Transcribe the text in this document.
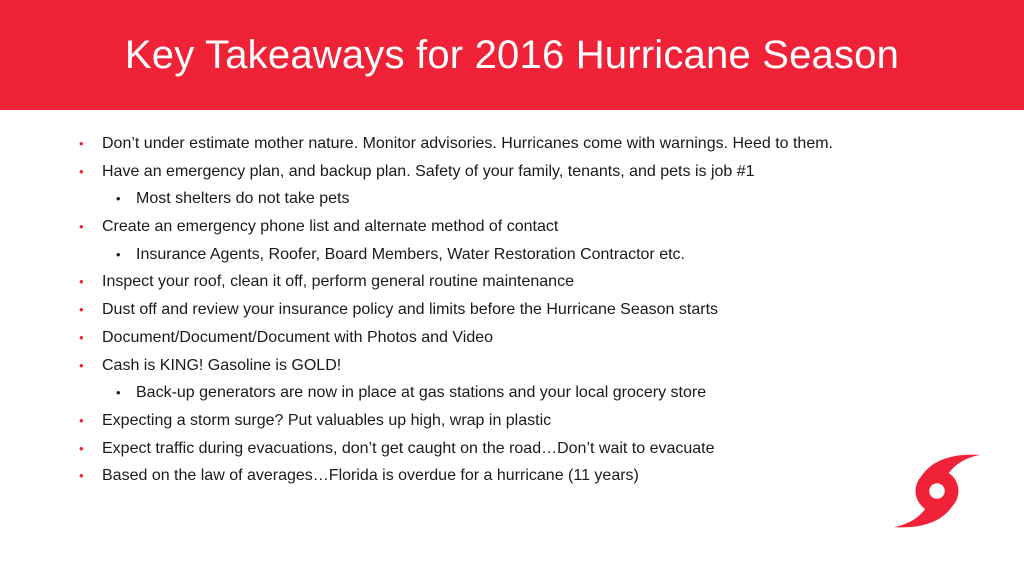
Key Takeaways for 2016 Hurricane Season
• Don’t under estimate mother nature. Monitor advisories. Hurricanes come with warnings. Heed to them.
• Have an emergency plan, and backup plan. Safety of your family, tenants, and pets is job #1
• Most shelters do not take pets
• Create an emergency phone list and alternate method of contact
• Insurance Agents, Roofer, Board Members, Water Restoration Contractor etc.
• Inspect your roof, clean it off, perform general routine maintenance
• Dust off and review your insurance policy and limits before the Hurricane Season starts
• Document/Document/Document with Photos and Video
• Cash is KING! Gasoline is GOLD!
• Back-up generators are now in place at gas stations and your local grocery store
• Expecting a storm surge? Put valuables up high, wrap in plastic
• Expect traffic during evacuations, don’t get caught on the road…Don’t wait to evacuate
• Based on the law of averages…Florida is overdue for a hurricane (11 years)
